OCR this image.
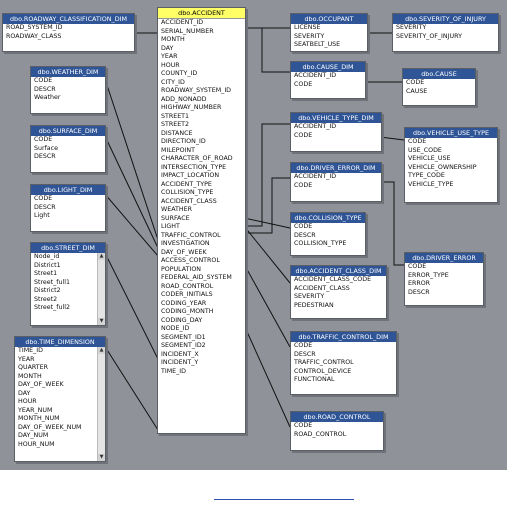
dbo.ACCIDENT
ACCIDENT_ID
SERIAL_NUMBER
MONTH
DAY
YEAR
HOUR
COUNTY_ID
CITY_ID
ROADWAY_SYSTEM_ID
ADD_NONADD
HIGHWAY_NUMBER
STREET1
STREET2
DISTANCE
DIRECTION_ID
MILEPOINT
CHARACTER_OF_ROAD
INTERSECTION_TYPE
IMPACT_LOCATION
ACCIDENT_TYPE
COLLISION_TYPE
ACCIDENT_CLASS
WEATHER
SURFACE
LIGHT
TRAFFIC_CONTROL
INVESTIGATION
DAY_OF_WEEK
ACCESS_CONTROL
POPULATION
FEDERAL_AID_SYSTEM
ROAD_CONTROL
CODER_INITIALS
CODING_YEAR
CODING_MONTH
CODING_DAY
NODE_ID
SEGMENT_ID1
SEGMENT_ID2
INCIDENT_X
INCIDENT_Y
TIME_ID
dbo.ROADWAY_CLASSIFICATION_DIM
ROAD_SYSTEM_ID
ROADWAY_CLASS
dbo.WEATHER_DIM
CODE
DESCR
Weather
dbo.SURFACE_DIM
CODE
Surface
DESCR
dbo.LIGHT_DIM
CODE
DESCR
Light
dbo.STREET_DIM
Node_id
District1
Street1
Street_full1
District2
Street2
Street_full2
▲
▼
dbo.TIME_DIMENSION
TIME_ID
YEAR
QUARTER
MONTH
DAY_OF_WEEK
DAY
HOUR
YEAR_NUM
MONTH_NUM
DAY_OF_WEEK_NUM
DAY_NUM
HOUR_NUM
▲
▼
dbo.OCCUPANT
LICENSE
SEVERITY
SEATBELT_USE
dbo.CAUSE_DIM
ACCIDENT_ID
CODE
dbo.VEHICLE_TYPE_DIM
ACCIDENT_ID
CODE
dbo.DRIVER_ERROR_DIM
ACCIDENT_ID
CODE
dbo.COLLISION_TYPE
CODE
DESCR
COLLISION_TYPE
dbo.ACCIDENT_CLASS_DIM
ACCIDENT_CLASS_CODE
ACCIDENT_CLASS
SEVERITY
PEDESTRIAN
dbo.TRAFFIC_CONTROL_DIM
CODE
DESCR
TRAFFIC_CONTROL
CONTROL_DEVICE
FUNCTIONAL
dbo.ROAD_CONTROL
CODE
ROAD_CONTROL
dbo.SEVERITY_OF_INJURY
SEVERITY
SEVERITY_OF_INJURY
dbo.CAUSE
CODE
CAUSE
dbo.VEHICLE_USE_TYPE
CODE
USE_CODE
VEHICLE_USE
VEHICLE_OWNERSHIP
TYPE_CODE
VEHICLE_TYPE
dbo.DRIVER_ERROR
CODE
ERROR_TYPE
ERROR
DESCR
